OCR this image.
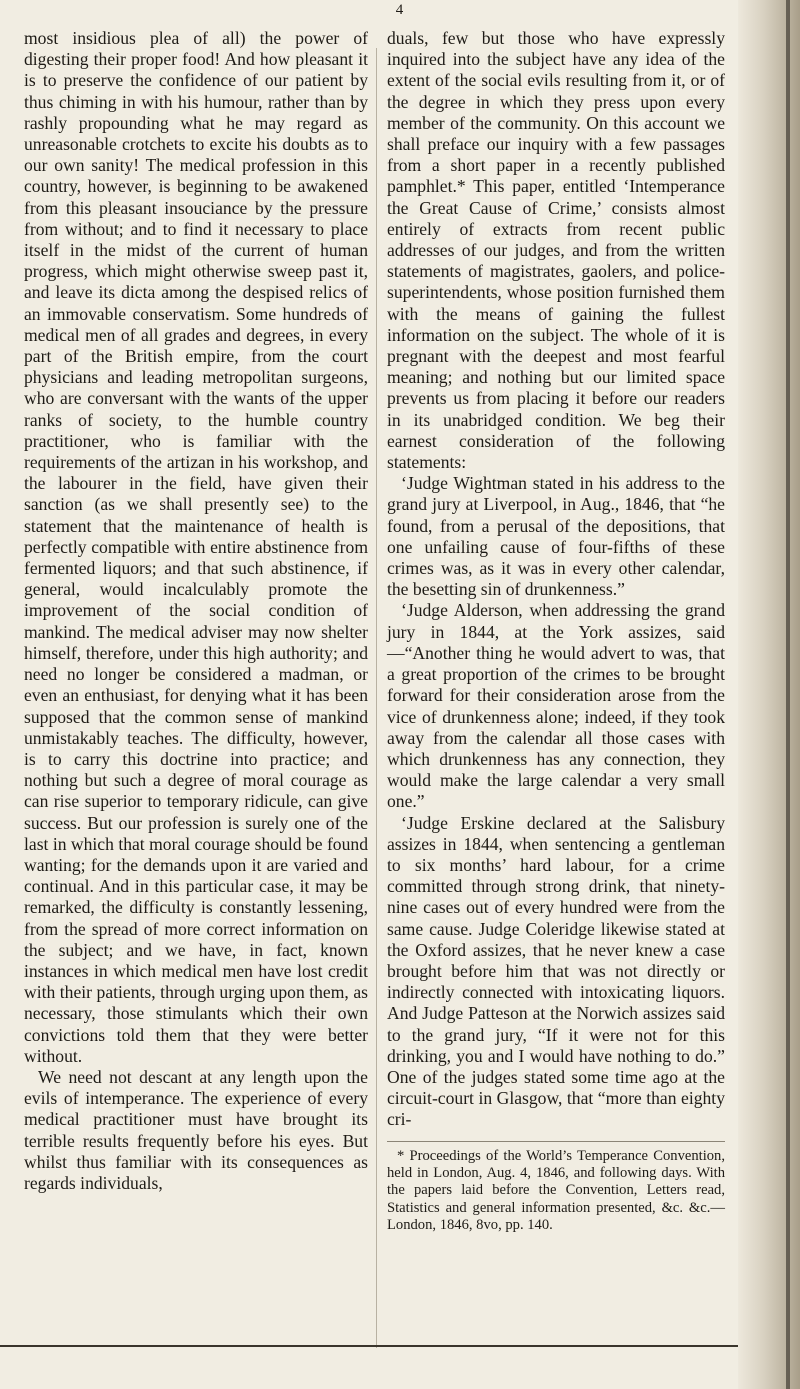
4

most insidious plea of all) the power of digesting their proper food! And how pleasant it is to preserve the confidence of our patient by thus chiming in with his humour, rather than by rashly propounding what he may regard as unreasonable crotchets to excite his doubts as to our own sanity! The medical profession in this country, however, is beginning to be awakened from this pleasant insouciance by the pressure from without; and to find it necessary to place itself in the midst of the current of human progress, which might otherwise sweep past it, and leave its dicta among the despised relics of an immovable conservatism. Some hundreds of medical men of all grades and degrees, in every part of the British empire, from the court physicians and leading metropolitan surgeons, who are conversant with the wants of the upper ranks of society, to the humble country practitioner, who is familiar with the requirements of the artizan in his workshop, and the labourer in the field, have given their sanction (as we shall presently see) to the statement that the maintenance of health is perfectly compatible with entire abstinence from fermented liquors; and that such abstinence, if general, would incalculably promote the improvement of the social condition of mankind. The medical adviser may now shelter himself, therefore, under this high authority; and need no longer be considered a madman, or even an enthusiast, for denying what it has been supposed that the common sense of mankind unmistakably teaches. The difficulty, however, is to carry this doctrine into practice; and nothing but such a degree of moral courage as can rise superior to temporary ridicule, can give success. But our profession is surely one of the last in which that moral courage should be found wanting; for the demands upon it are varied and continual. And in this particular case, it may be remarked, the difficulty is constantly lessening, from the spread of more correct information on the subject; and we have, in fact, known instances in which medical men have lost credit with their patients, through urging upon them, as necessary, those stimulants which their own convictions told them that they were better without.

We need not descant at any length upon the evils of intemperance. The experience of every medical practitioner must have brought its terrible results frequently before his eyes. But whilst thus familiar with its consequences as regards individuals,

duals, few but those who have expressly inquired into the subject have any idea of the extent of the social evils resulting from it, or of the degree in which they press upon every member of the community. On this account we shall preface our inquiry with a few passages from a short paper in a recently published pamphlet.* This paper, entitled ‘Intemperance the Great Cause of Crime,’ consists almost entirely of extracts from recent public addresses of our judges, and from the written statements of magistrates, gaolers, and police-superintendents, whose position furnished them with the means of gaining the fullest information on the subject. The whole of it is pregnant with the deepest and most fearful meaning; and nothing but our limited space prevents us from placing it before our readers in its unabridged condition. We beg their earnest consideration of the following statements:

‘Judge Wightman stated in his address to the grand jury at Liverpool, in Aug., 1846, that “he found, from a perusal of the depositions, that one unfailing cause of four-fifths of these crimes was, as it was in every other calendar, the besetting sin of drunkenness.”

‘Judge Alderson, when addressing the grand jury in 1844, at the York assizes, said—“Another thing he would advert to was, that a great proportion of the crimes to be brought forward for their consideration arose from the vice of drunkenness alone; indeed, if they took away from the calendar all those cases with which drunkenness has any connection, they would make the large calendar a very small one.”

‘Judge Erskine declared at the Salisbury assizes in 1844, when sentencing a gentleman to six months’ hard labour, for a crime committed through strong drink, that ninety-nine cases out of every hundred were from the same cause. Judge Coleridge likewise stated at the Oxford assizes, that he never knew a case brought before him that was not directly or indirectly connected with intoxicating liquors. And Judge Patteson at the Norwich assizes said to the grand jury, “If it were not for this drinking, you and I would have nothing to do.” One of the judges stated some time ago at the circuit-court in Glasgow, that “more than eighty cri-

* Proceedings of the World’s Temperance Convention, held in London, Aug. 4, 1846, and following days. With the papers laid before the Convention, Letters read, Statistics and general information presented, &c. &c.—London, 1846, 8vo, pp. 140.
